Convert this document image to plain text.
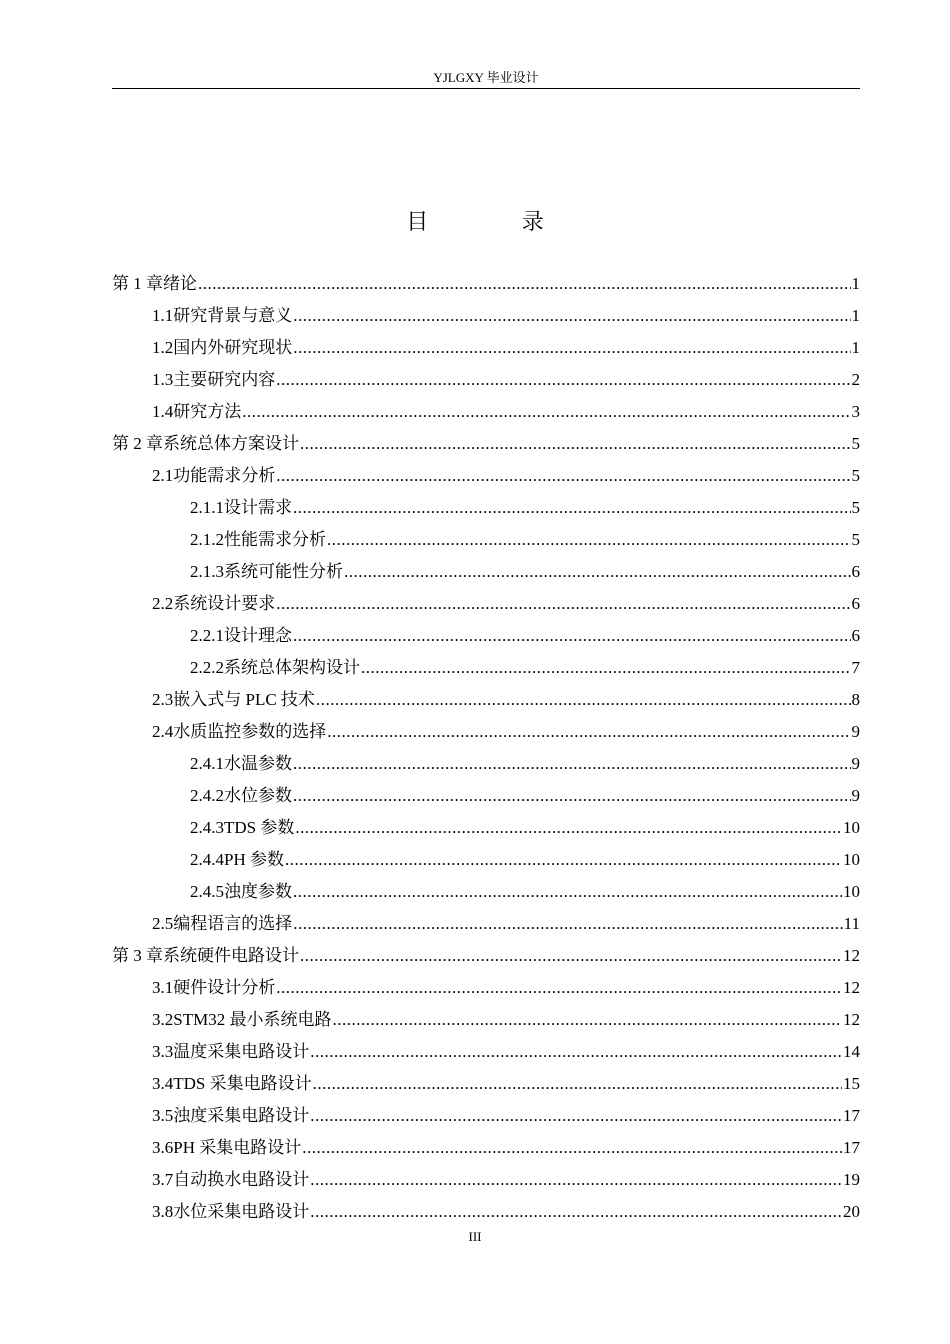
YJLGXY 毕业设计
目 录
第 1 章 绪论 .....	1
1.1 研究背景与意义 .....	1
1.2 国内外研究现状 .....	1
1.3 主要研究内容 .....	2
1.4 研究方法 .....	3
第 2 章 系统总体方案设计 .....	5
2.1 功能需求分析 .....	5
2.1.1 设计需求 .....	5
2.1.2 性能需求分析 .....	5
2.1.3 系统可能性分析 .....	6
2.2 系统设计要求 .....	6
2.2.1 设计理念 .....	6
2.2.2 系统总体架构设计 .....	7
2.3 嵌入式与 PLC 技术 .....	8
2.4 水质监控参数的选择 .....	9
2.4.1 水温参数 .....	9
2.4.2 水位参数 .....	9
2.4.3 TDS 参数 .....	10
2.4.4 PH 参数 .....	10
2.4.5 浊度参数 .....	10
2.5 编程语言的选择 .....	11
第 3 章 系统硬件电路设计 .....	12
3.1 硬件设计分析 .....	12
3.2 STM32 最小系统电路 .....	12
3.3 温度采集电路设计 .....	14
3.4 TDS 采集电路设计 .....	15
3.5 浊度采集电路设计 .....	17
3.6 PH 采集电路设计 .....	17
3.7 自动换水电路设计 .....	19
3.8 水位采集电路设计 .....	20
III
